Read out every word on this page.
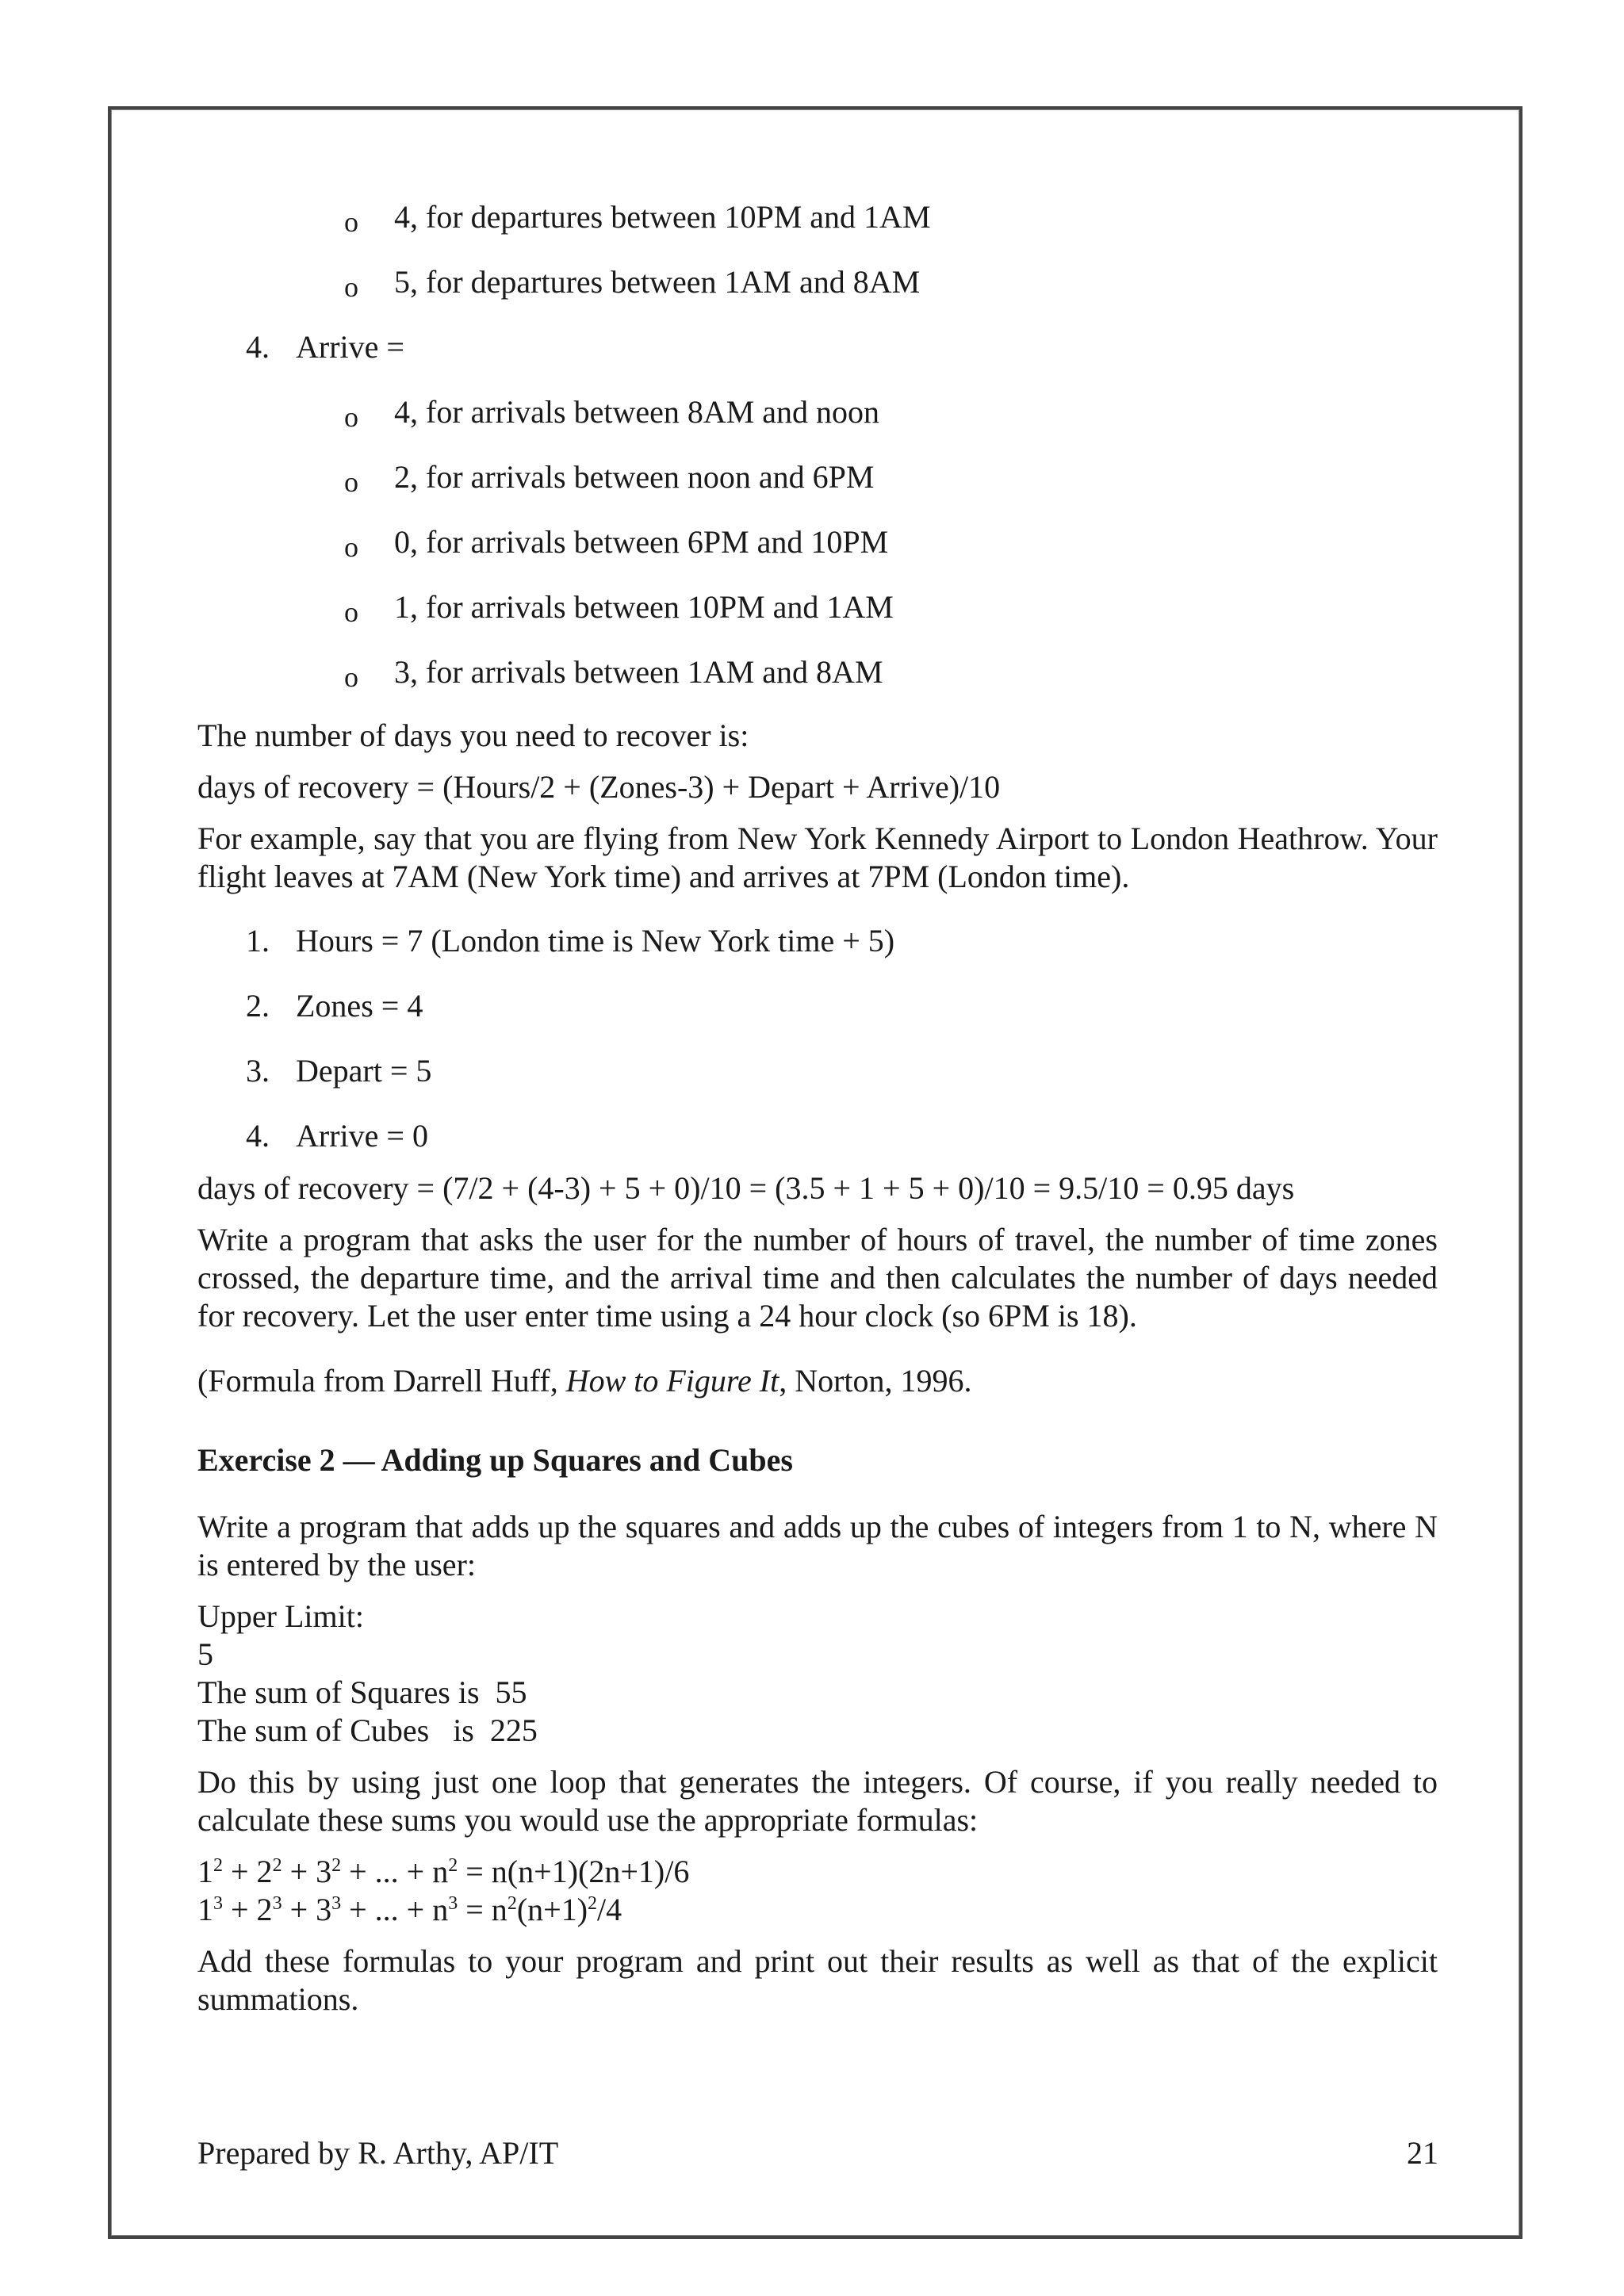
o 4, for departures between 10PM and 1AM
o 5, for departures between 1AM and 8AM
4. Arrive =
o 4, for arrivals between 8AM and noon
o 2, for arrivals between noon and 6PM
o 0, for arrivals between 6PM and 10PM
o 1, for arrivals between 10PM and 1AM
o 3, for arrivals between 1AM and 8AM
The number of days you need to recover is:
days of recovery = (Hours/2 + (Zones-3) + Depart + Arrive)/10
For example, say that you are flying from New York Kennedy Airport to London Heathrow. Your flight leaves at 7AM (New York time) and arrives at 7PM (London time).
1. Hours = 7 (London time is New York time + 5)
2. Zones = 4
3. Depart = 5
4. Arrive = 0
days of recovery = (7/2 + (4-3) + 5 + 0)/10 = (3.5 + 1 + 5 + 0)/10 = 9.5/10 = 0.95 days
Write a program that asks the user for the number of hours of travel, the number of time zones crossed, the departure time, and the arrival time and then calculates the number of days needed for recovery. Let the user enter time using a 24 hour clock (so 6PM is 18).
(Formula from Darrell Huff, How to Figure It, Norton, 1996.
Exercise 2 — Adding up Squares and Cubes
Write a program that adds up the squares and adds up the cubes of integers from 1 to N, where N is entered by the user:
Upper Limit:
5
The sum of Squares is  55
The sum of Cubes   is  225
Do this by using just one loop that generates the integers. Of course, if you really needed to calculate these sums you would use the appropriate formulas:
$1^2 + 2^2 + 3^2$ + ... + $n^2 = n(n+1)(2n+1)/6$
$1^3 + 2^3 + 3^3$ + ... + $n^3 = n^2(n+1)^2/4$
Add these formulas to your program and print out their results as well as that of the explicit summations.
Prepared by R. Arthy, AP/IT	21
